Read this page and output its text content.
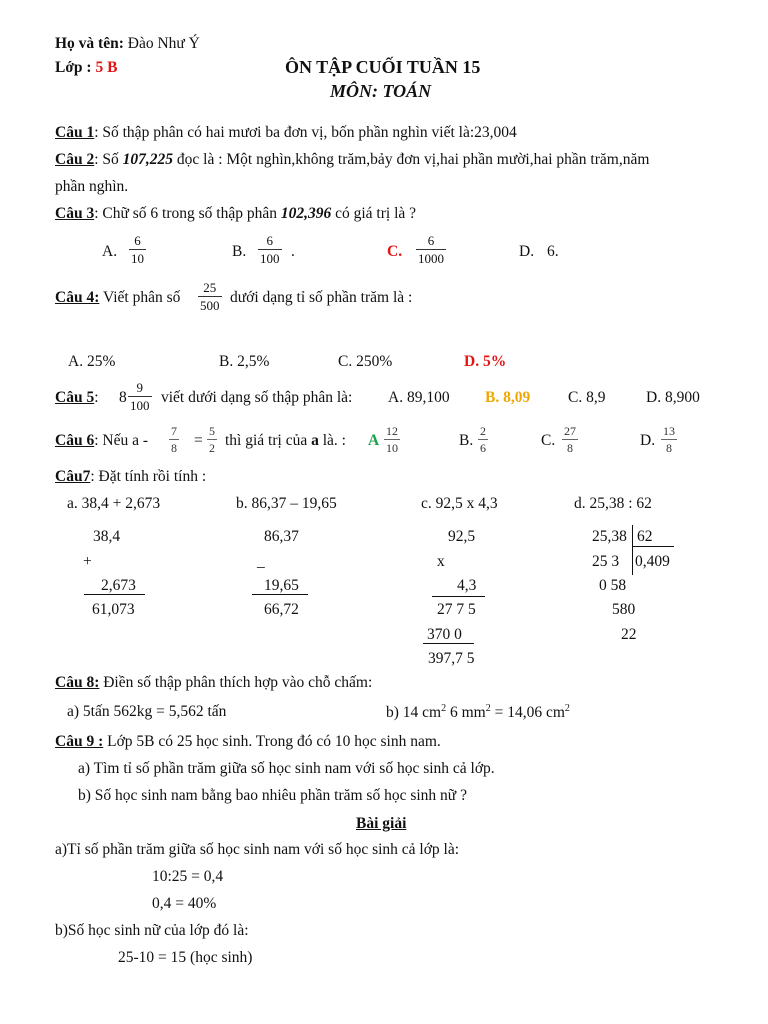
Họ và tên: Đào Như Ý
Lớp : 5 B	ÔN TẬP CUỐI TUẦN 15
MÔN: TOÁN
Câu 1: Số thập phân có hai mươi ba đơn vị, bốn phần nghìn viết là:23,004
Câu 2: Số 107,225 đọc là : Một nghìn,không trăm,bảy đơn vị,hai phần mười,hai phần trăm,năm
phần nghìn.
Câu 3: Chữ số 6 trong số thập phân 102,396 có giá trị là ?
A. $\frac{6}{10}$	B. $\frac{6}{100}$ .	C. $\frac{6}{1000}$	D. 6.
Câu 4: Viết phân số $\frac{25}{500}$ dưới dạng tỉ số phần trăm là :
A. 25%	B. 2,5%	C. 250%	D. 5%
Câu 5: $8 \frac{9}{100}$ viết dưới dạng số thập phân là: A. 89,100 B. 8,09 C. 8,9	D. 8,900
Câu 6: Nếu $a - \frac{7}{8} = \frac{5}{2}$ thì giá trị của a là. : A $\frac{12}{10}$	B. $\frac{2}{6}$	C. $\frac{27}{8}$	D. $\frac{13}{8}$
Câu7: Đặt tính rồi tính :
a. 38,4 + 2,673	b. 86,37 – 19,65	c. 92,5 x 4,3	d. 25,38 : 62
38,4
+
2,673
61,073
86,37
_
19,65
66,72
92,5
x
4,3
27 7 5
370 0
397,7 5
25,38 62
25 3 0,409
0 58
580
22
Câu 8: Điền số thập phân thích hợp vào chỗ chấm:
a) 5tấn 562kg = 5,562 tấn	b) 14 $cm^2$ 6 $mm^2 = 14,06$ $cm^2$
Câu 9 : Lớp 5B có 25 học sinh. Trong đó có 10 học sinh nam.
a) Tìm tỉ số phần trăm giữa số học sinh nam với số học sinh cả lớp.
b) Số học sinh nam bằng bao nhiêu phần trăm số học sinh nữ ?
Bài giải
a)Tỉ số phần trăm giữa số học sinh nam với số học sinh cả lớp là:
10:25 = 0,4
0,4 = 40%
b)Số học sinh nữ của lớp đó là:
25-10 = 15 (học sinh)
